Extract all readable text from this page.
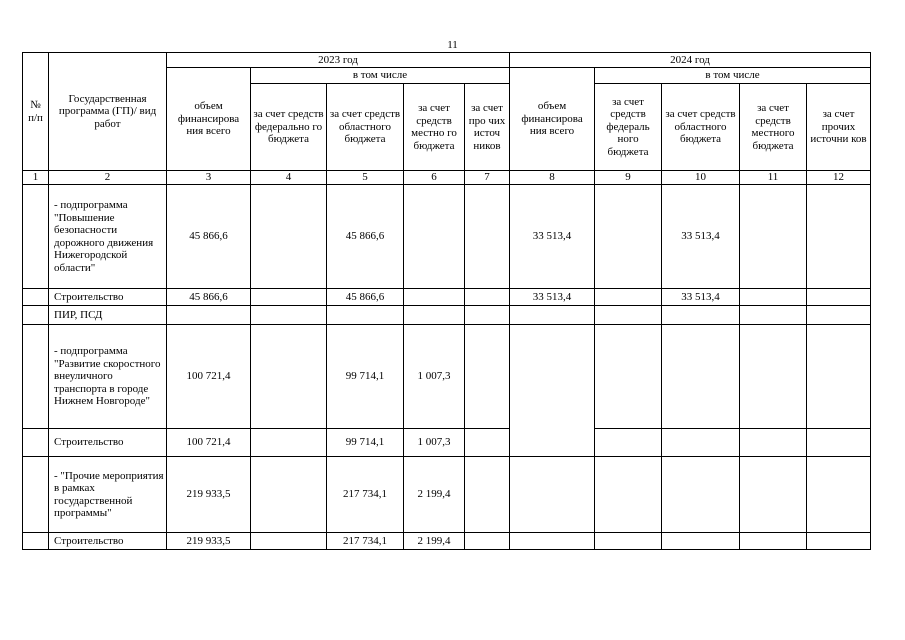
11
№ п/п	Государственная программа (ГП)/ вид работ	2023 год					2024 год				
		объем финансирова ния всего	в том числе				объем финансирова ния всего	в том числе			
			за счет средств федерально го бюджета	за счет средств областного бюджета	за счет средств местно го бюджета	за счет про чих источ ников		за счет средств федераль ного бюджета	за счет средств областного бюджета	за счет средств местного бюджета	за счет прочих источни ков
1	2	3	4	5	6	7	8	9	10	11	12
	- подпрограмма "Повышение безопасности дорожного движения Нижегородской области"	45 866,6		45 866,6			33 513,4		33 513,4		
	Строительство	45 866,6		45 866,6			33 513,4		33 513,4		
	ПИР, ПСД										
	- подпрограмма "Развитие скоростного внеуличного транспорта в городе Нижнем Новгороде"	100 721,4		99 714,1	1 007,3						
	Строительство	100 721,4		99 714,1	1 007,3						
	- "Прочие мероприятия в рамках государственной программы"	219 933,5		217 734,1	2 199,4						
	Строительство	219 933,5		217 734,1	2 199,4						
